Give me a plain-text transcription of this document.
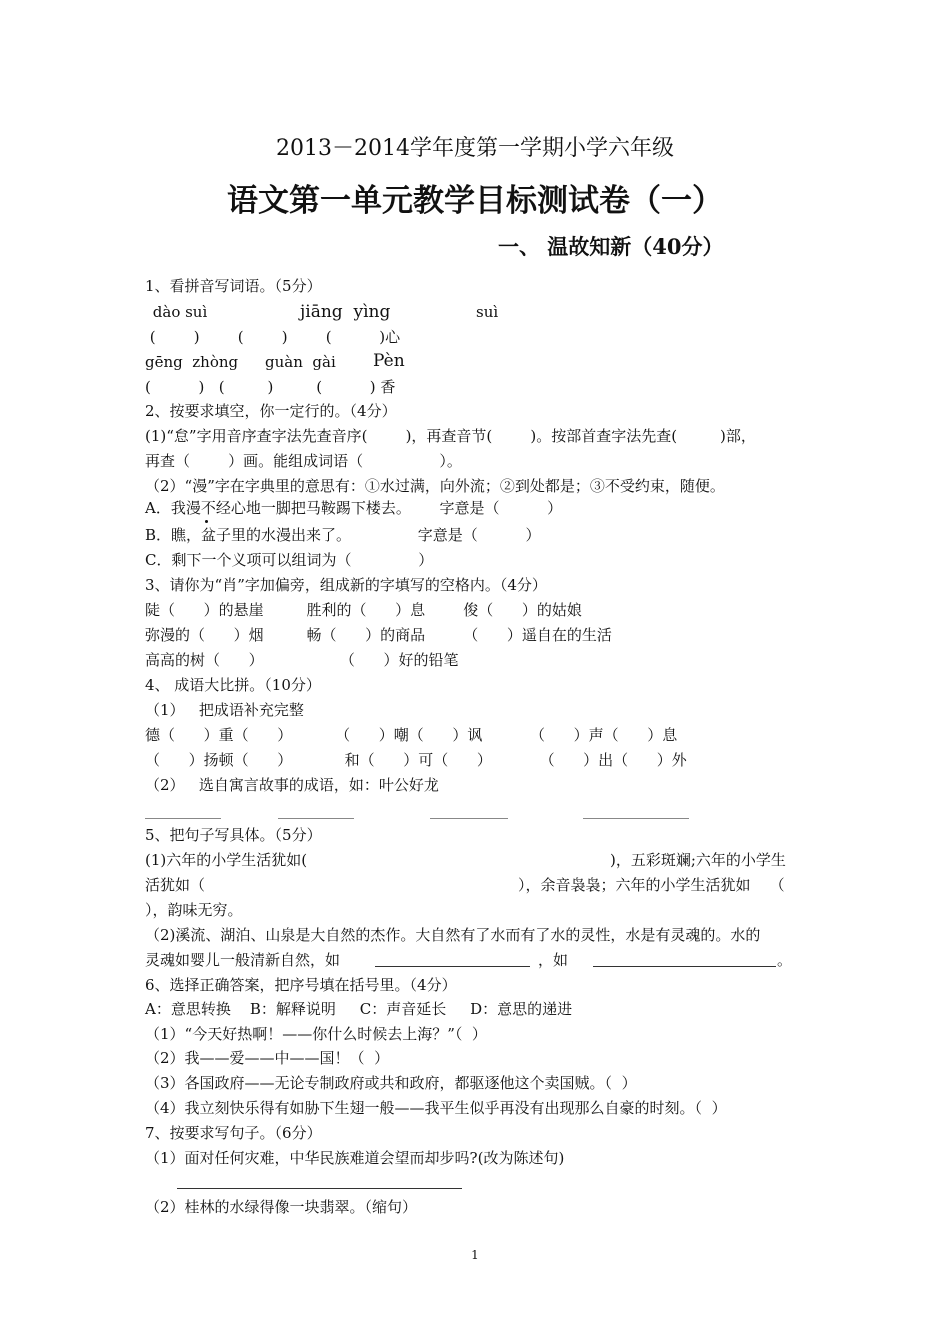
2013－2014学年度第一学期小学六年级
语文第一单元教学目标测试卷（一）
一、 温故知新（40分）
1、看拼音写词语。（5分）
dào suì	jiāng  yìng	suì
(        )        (        )        (          )心
gēng  zhòng guàn  gài Pèn
(          )   (         )         (          ) 香
2、按要求填空，你一定行的。（4分）
(1)“怠”字用音序查字法先查音序(        )，再查音节(        )。按部首查字法先查(         )部，
再查（        ）画。能组成词语（                ）。
（2）“漫”字在字典里的意思有：①水过满，向外流；②到处都是；③不受约束，随便。
A．我漫不经心地一脚把马鞍踢下楼去。      字意是（          ）
B．瞧，盆子里的水漫出来了。              字意是（          ）
C．剩下一个义项可以组词为（              ）
3、请你为“肖”字加偏旁，组成新的字填写的空格内。（4分）
陡（      ）的悬崖         胜利的（      ）息        俊（      ）的姑娘
弥漫的（      ）烟         畅（      ）的商品        （      ）遥自在的生活
高高的树（      ）                （      ）好的铅笔
4、 成语大比拼。（10分）
（1）   把成语补充完整
德（      ）重（      ）         （      ）嘲（      ）讽          （      ）声（      ）息
（      ）扬顿（      ）           和（      ）可（      ）          （      ）出（      ）外
（2）   选自寓言故事的成语，如：叶公好龙
5、把句子写具体。（5分）
(1)六年的小学生活犹如(	)，五彩斑斓;六年的小学生
活犹如（	），余音袅袅；六年的小学生活犹如    （
），韵味无穷。
（2)溪流、湖泊、山泉是大自然的杰作。大自然有了水而有了水的灵性，水是有灵魂的。水的
灵魂如婴儿一般清新自然，如	，如	。
6、选择正确答案，把序号填在括号里。（4分）
A：意思转换    B：解释说明     C：声音延长     D：意思的递进
（1）“今天好热啊！——你什么时候去上海？”（  ）
（2）我——爱——中——国！（  ）
（3）各国政府——无论专制政府或共和政府，都驱逐他这个卖国贼。（  ）
（4）我立刻快乐得有如胁下生翅一般——我平生似乎再没有出现那么自豪的时刻。（  ）
7、按要求写句子。（6分）
（1）面对任何灾难，中华民族难道会望而却步吗?(改为陈述句)
（2）桂林的水绿得像一块翡翠。（缩句）
1
